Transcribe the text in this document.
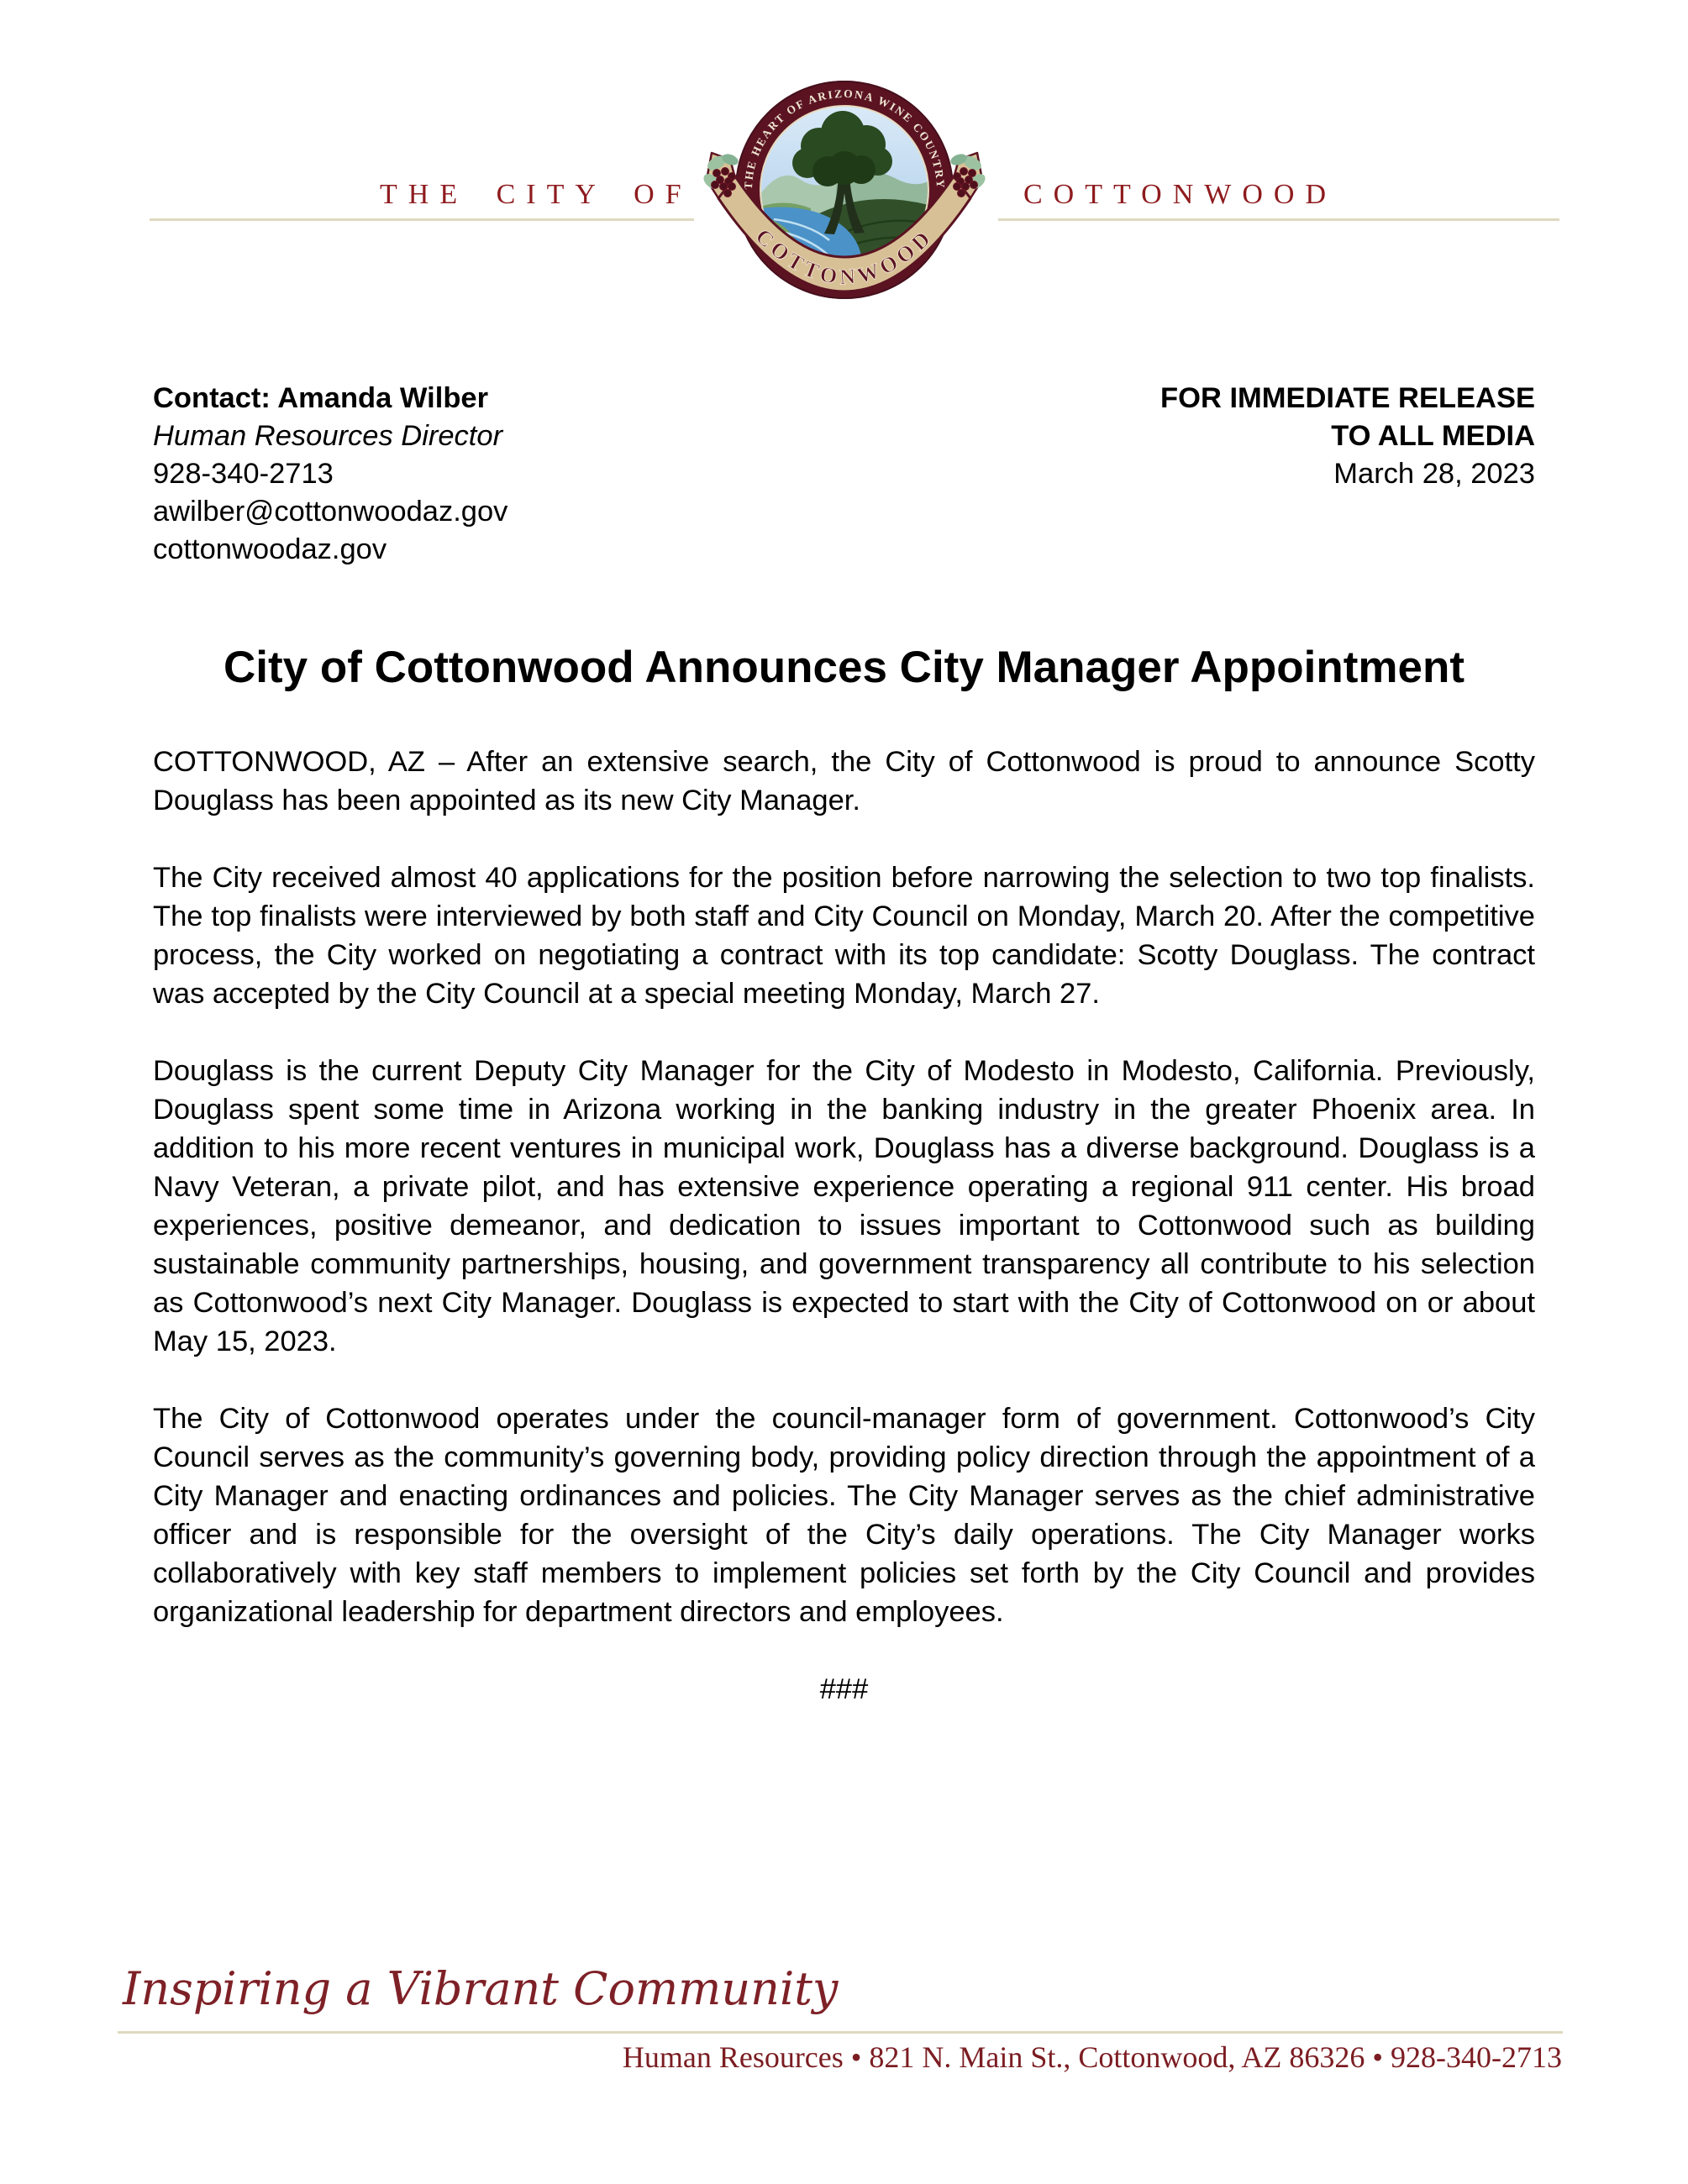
THE CITY OF	COTTONWOOD
THE HEART OF ARIZONA WINE COUNTRY
COTTONWOOD
Contact: Amanda Wilber
Human Resources Director
928-340-2713
awilber@cottonwoodaz.gov
cottonwoodaz.gov
FOR IMMEDIATE RELEASE
TO ALL MEDIA
March 28, 2023
City of Cottonwood Announces City Manager Appointment

COTTONWOOD, AZ – After an extensive search, the City of Cottonwood is proud to announce Scotty Douglass has been appointed as its new City Manager.

The City received almost 40 applications for the position before narrowing the selection to two top finalists. The top finalists were interviewed by both staff and City Council on Monday, March 20. After the competitive process, the City worked on negotiating a contract with its top candidate: Scotty Douglass. The contract was accepted by the City Council at a special meeting Monday, March 27.

Douglass is the current Deputy City Manager for the City of Modesto in Modesto, California. Previously, Douglass spent some time in Arizona working in the banking industry in the greater Phoenix area. In addition to his more recent ventures in municipal work, Douglass has a diverse background. Douglass is a Navy Veteran, a private pilot, and has extensive experience operating a regional 911 center. His broad experiences, positive demeanor, and dedication to issues important to Cottonwood such as building sustainable community partnerships, housing, and government transparency all contribute to his selection as Cottonwood’s next City Manager. Douglass is expected to start with the City of Cottonwood on or about May 15, 2023.

The City of Cottonwood operates under the council-manager form of government. Cottonwood’s City Council serves as the community’s governing body, providing policy direction through the appointment of a City Manager and enacting ordinances and policies. The City Manager serves as the chief administrative officer and is responsible for the oversight of the City’s daily operations. The City Manager works collaboratively with key staff members to implement policies set forth by the City Council and provides organizational leadership for department directors and employees.

###
Inspiring a Vibrant Community
Human Resources • 821 N. Main St., Cottonwood, AZ 86326 • 928-340-2713
